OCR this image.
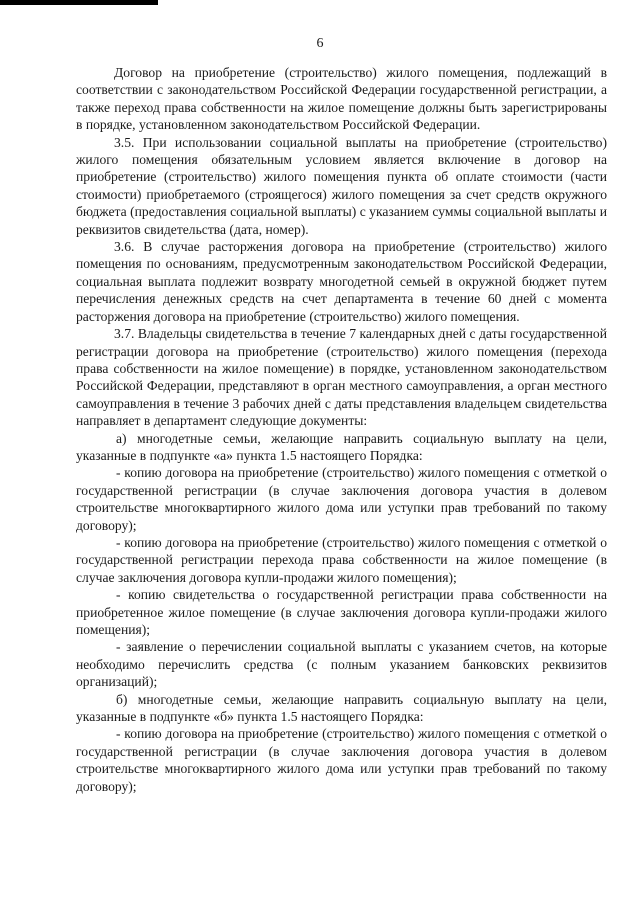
6

Договор на приобретение (строительство) жилого помещения, подлежащий в соответствии с законодательством Российской Федерации государственной регистрации, а также переход права собственности на жилое помещение должны быть зарегистрированы в порядке, установленном законодательством Российской Федерации.

3.5. При использовании социальной выплаты на приобретение (строительство) жилого помещения обязательным условием является включение в договор на приобретение (строительство) жилого помещения пункта об оплате стоимости (части стоимости) приобретаемого (строящегося) жилого помещения за счет средств окружного бюджета (предоставления социальной выплаты) с указанием суммы социальной выплаты и реквизитов свидетельства (дата, номер).

3.6. В случае расторжения договора на приобретение (строительство) жилого помещения по основаниям, предусмотренным законодательством Российской Федерации, социальная выплата подлежит возврату многодетной семьей в окружной бюджет путем перечисления денежных средств на счет департамента в течение 60 дней с момента расторжения договора на приобретение (строительство) жилого помещения.

3.7. Владельцы свидетельства в течение 7 календарных дней с даты государственной регистрации договора на приобретение (строительство) жилого помещения (перехода права собственности на жилое помещение) в порядке, установленном законодательством Российской Федерации, представляют в орган местного самоуправления, а орган местного самоуправления в течение 3 рабочих дней с даты представления владельцем свидетельства направляет в департамент следующие документы:

а) многодетные семьи, желающие направить социальную выплату на цели, указанные в подпункте «а» пункта 1.5 настоящего Порядка:

- копию договора на приобретение (строительство) жилого помещения с отметкой о государственной регистрации (в случае заключения договора участия в долевом строительстве многоквартирного жилого дома или уступки прав требований по такому договору);

- копию договора на приобретение (строительство) жилого помещения с отметкой о государственной регистрации перехода права собственности на жилое помещение (в случае заключения договора купли-продажи жилого помещения);

- копию свидетельства о государственной регистрации права собственности на приобретенное жилое помещение (в случае заключения договора купли-продажи жилого помещения);

- заявление о перечислении социальной выплаты с указанием счетов, на которые необходимо перечислить средства (с полным указанием банковских реквизитов организаций);

б) многодетные семьи, желающие направить социальную выплату на цели, указанные в подпункте «б» пункта 1.5 настоящего Порядка:

- копию договора на приобретение (строительство) жилого помещения с отметкой о государственной регистрации (в случае заключения договора участия в долевом строительстве многоквартирного жилого дома или уступки прав требований по такому договору);
